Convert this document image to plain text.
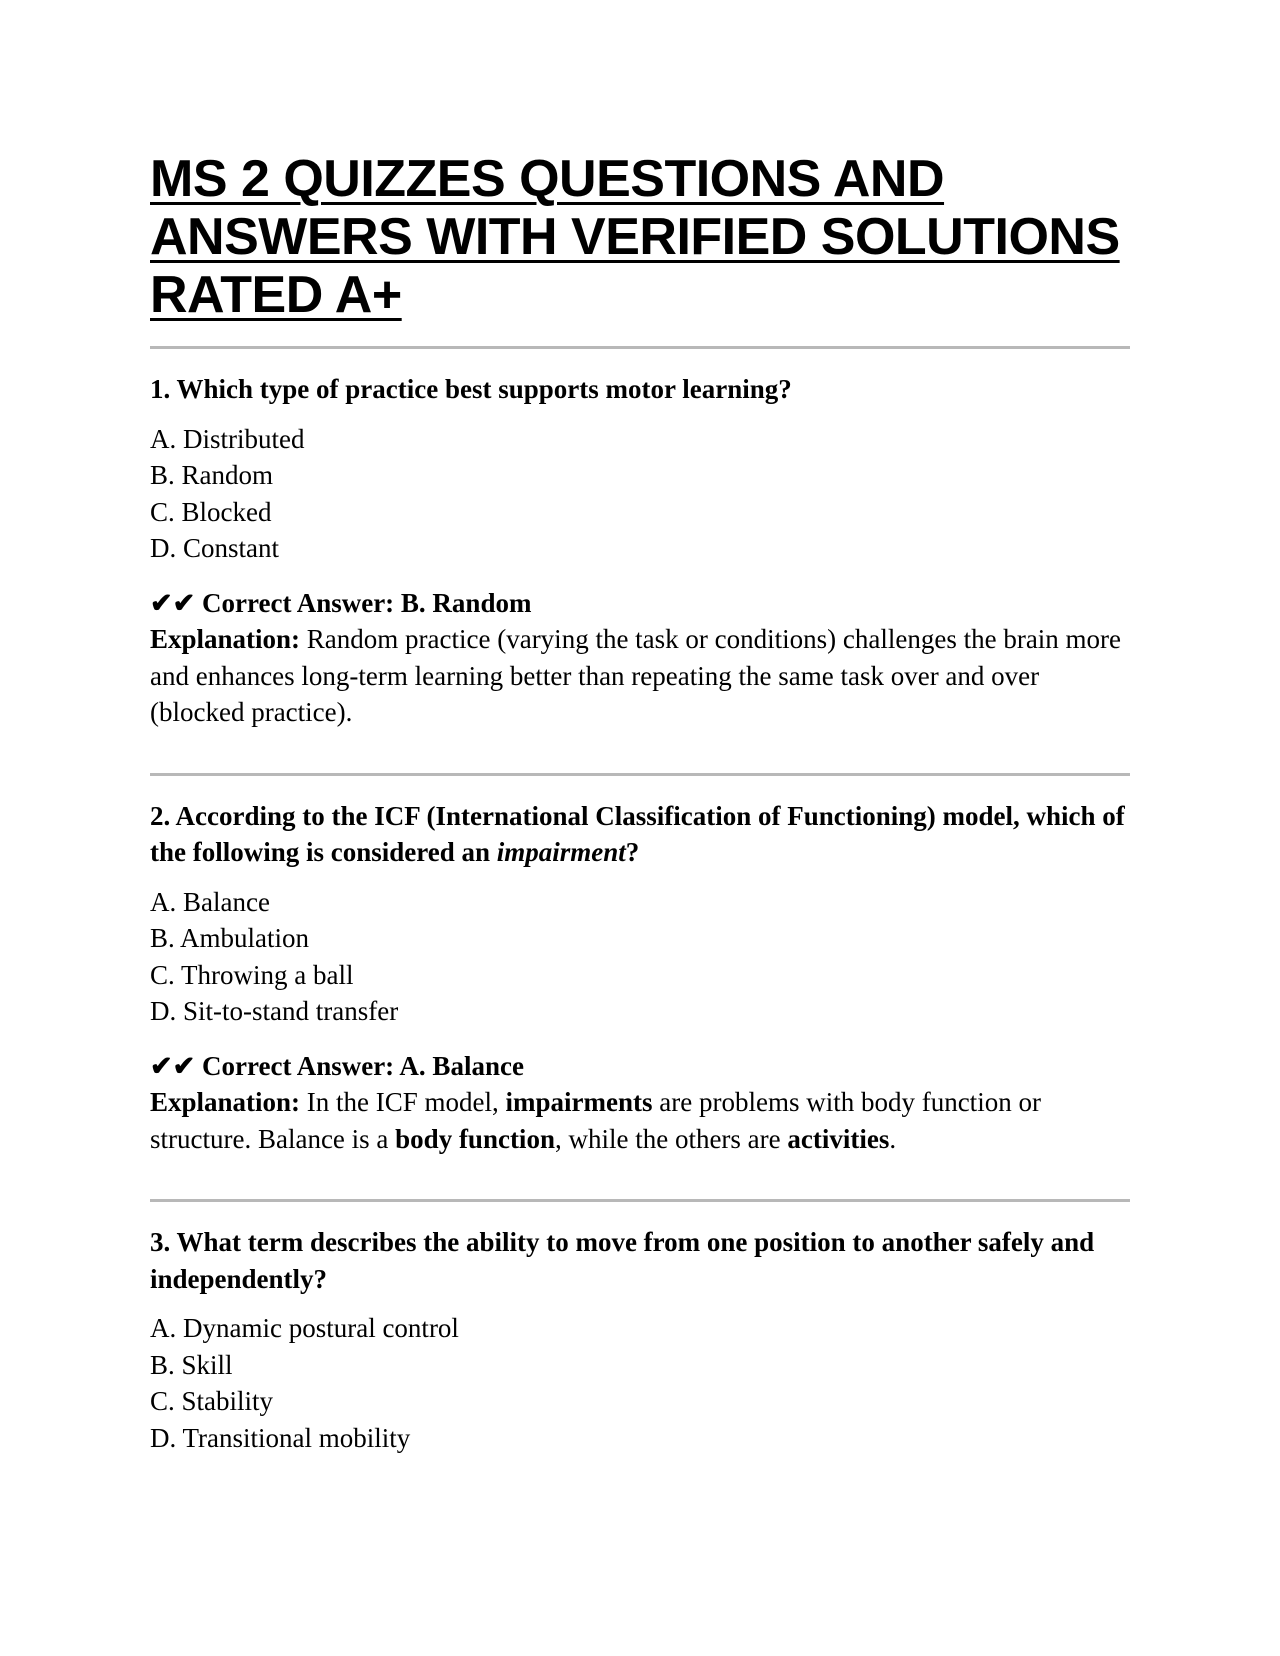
MS 2 QUIZZES QUESTIONS AND
ANSWERS WITH VERIFIED SOLUTIONS
RATED A+

1. Which type of practice best supports motor learning?

A. Distributed
B. Random
C. Blocked
D. Constant

✔✔ Correct Answer: B. Random

Explanation: Random practice (varying the task or conditions) challenges the brain more and enhances long-term learning better than repeating the same task over and over (blocked practice).

2. According to the ICF (International Classification of Functioning) model, which of the following is considered an impairment?

A. Balance
B. Ambulation
C. Throwing a ball
D. Sit-to-stand transfer

✔✔ Correct Answer: A. Balance

Explanation: In the ICF model, impairments are problems with body function or structure. Balance is a body function, while the others are activities.

3. What term describes the ability to move from one position to another safely and independently?

A. Dynamic postural control
B. Skill
C. Stability
D. Transitional mobility
